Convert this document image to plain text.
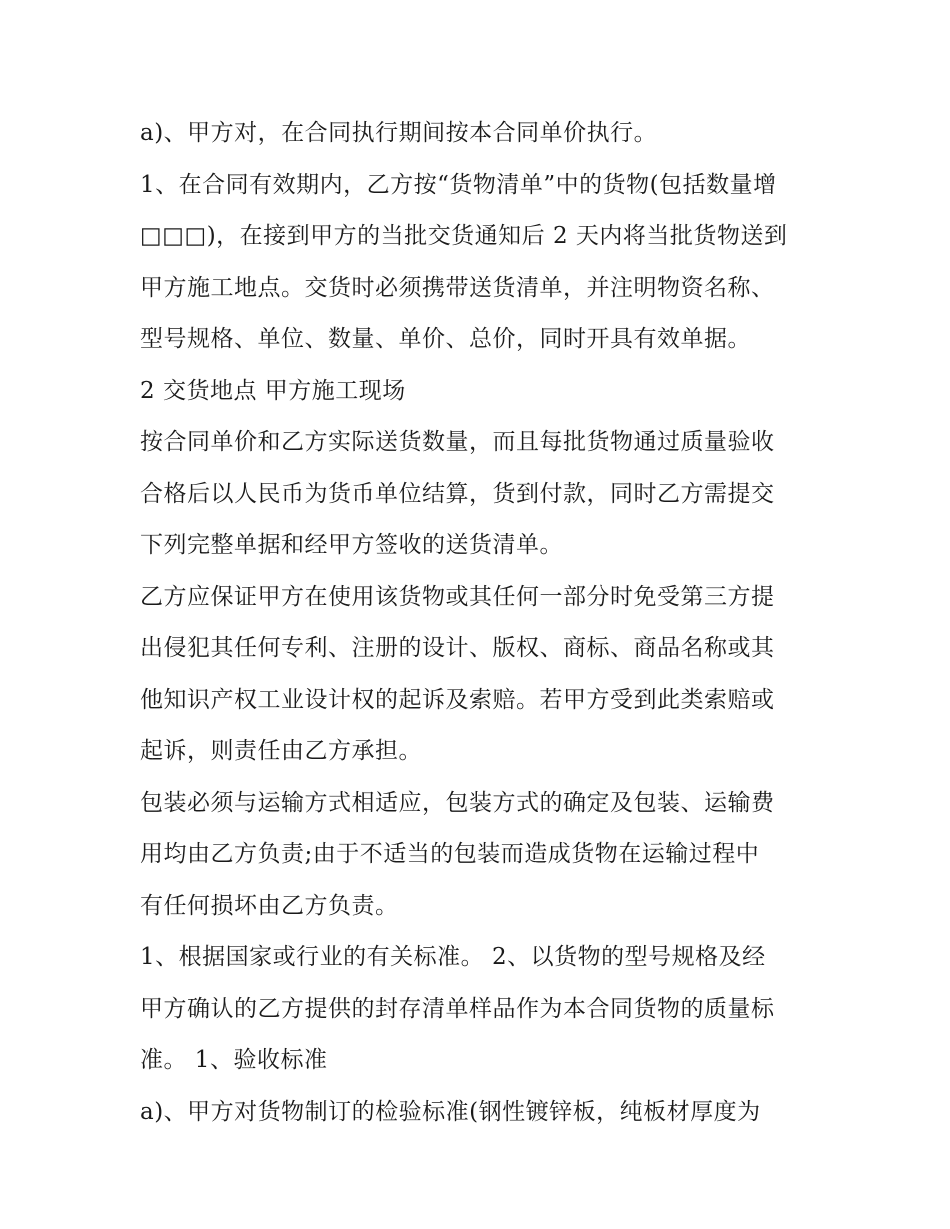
a)、甲方对，在合同执行期间按本合同单价执行。
1、在合同有效期内，乙方按“货物清单”中的货物(包括数量增
□□□)，在接到甲方的当批交货通知后 2 天内将当批货物送到
甲方施工地点。交货时必须携带送货清单，并注明物资名称、
型号规格、单位、数量、单价、总价，同时开具有效单据。
2 交货地点 甲方施工现场
按合同单价和乙方实际送货数量，而且每批货物通过质量验收
合格后以人民币为货币单位结算，货到付款，同时乙方需提交
下列完整单据和经甲方签收的送货清单。
乙方应保证甲方在使用该货物或其任何一部分时免受第三方提
出侵犯其任何专利、注册的设计、版权、商标、商品名称或其
他知识产权工业设计权的起诉及索赔。若甲方受到此类索赔或
起诉，则责任由乙方承担。
包装必须与运输方式相适应，包装方式的确定及包装、运输费
用均由乙方负责;由于不适当的包装而造成货物在运输过程中
有任何损坏由乙方负责。
1、根据国家或行业的有关标准。 2、以货物的型号规格及经
甲方确认的乙方提供的封存清单样品作为本合同货物的质量标
准。 1、验收标准
a)、甲方对货物制订的检验标准(钢性镀锌板，纯板材厚度为
